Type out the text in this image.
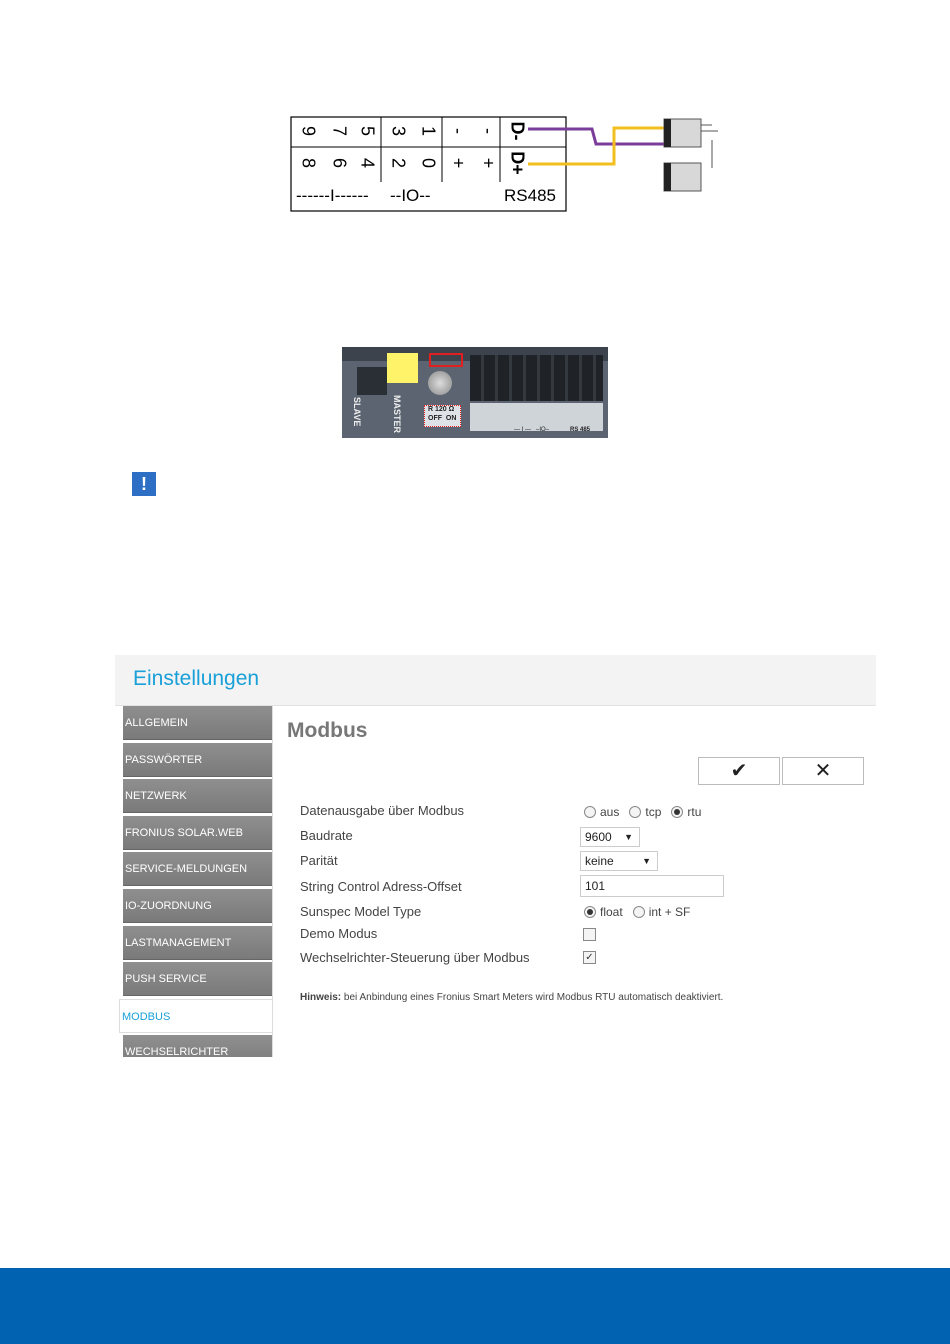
9 7 5 3 1 - - D-
8 6 4 2 0 + + D+
------I------ --IO--	RS485
SLAVE	MASTER	R 120 Ω
OFF  ON
— I —   –IO–	RS 485
!
Einstellungen
ALLGEMEIN
PASSWÖRTER
NETZWERK
FRONIUS SOLAR.WEB
SERVICE-MELDUNGEN
IO-ZUORDNUNG
LASTMANAGEMENT
PUSH SERVICE
MODBUS
WECHSELRICHTER
Modbus
✔	✕
Datenausgabe über Modbus	aus tcp rtu
Baudrate	9600 ▼
Parität	keine	▼
String Control Adress-Offset	101
Sunspec Model Type	float int + SF
Demo Modus
Wechselrichter-Steuerung über Modbus	✓
Hinweis: bei Anbindung eines Fronius Smart Meters wird Modbus RTU automatisch deaktiviert.
